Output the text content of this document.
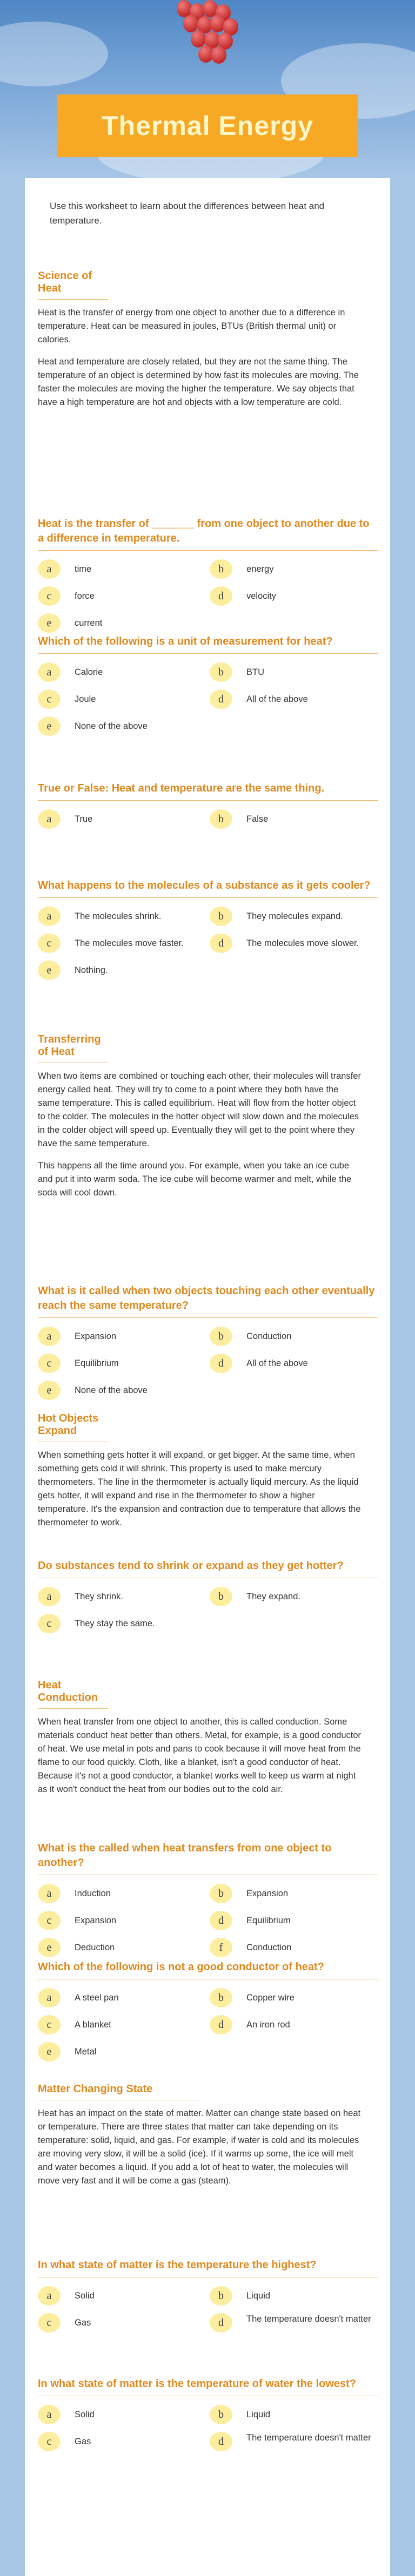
Thermal Energy
Use this worksheet to learn about the differences between heat and temperature.
Science of Heat

Heat is the transfer of energy from one object to another due to a difference in temperature. Heat can be measured in joules, BTUs (British thermal unit) or calories.

Heat and temperature are closely related, but they are not the same thing. The temperature of an object is determined by how fast its molecules are moving. The faster the molecules are moving the higher the temperature. We say objects that have a high temperature are hot and objects with a low temperature are cold.

Heat is the transfer of _______ from one object to another due to a difference in temperature.
a	time	b	energy
c	force	d	velocity
e	current
Which of the following is a unit of measurement for heat?
a	Calorie	b	BTU
c	Joule	d	All of the above
e	None of the above
True or False: Heat and temperature are the same thing.
a	True	b	False
What happens to the molecules of a substance as it gets cooler?
a	The molecules shrink.	b	They molecules expand.
c	The molecules move faster.	d	The molecules move slower.
e	Nothing.
Transferring of Heat

When two items are combined or touching each other, their molecules will transfer energy called heat. They will try to come to a point where they both have the same temperature. This is called equilibrium. Heat will flow from the hotter object to the colder. The molecules in the hotter object will slow down and the molecules in the colder object will speed up. Eventually they will get to the point where they have the same temperature.

This happens all the time around you. For example, when you take an ice cube and put it into warm soda. The ice cube will become warmer and melt, while the soda will cool down.

What is it called when two objects touching each other eventually reach the same temperature?
a	Expansion	b	Conduction
c	Equilibrium	d	All of the above
e	None of the above
Hot Objects Expand

When something gets hotter it will expand, or get bigger. At the same time, when something gets cold it will shrink. This property is used to make mercury thermometers. The line in the thermometer is actually liquid mercury. As the liquid gets hotter, it will expand and rise in the thermometer to show a higher temperature. It's the expansion and contraction due to temperature that allows the thermometer to work.

Do substances tend to shrink or expand as they get hotter?
a	They shrink.	b	They expand.
c	They stay the same.
Heat Conduction

When heat transfer from one object to another, this is called conduction. Some materials conduct heat better than others. Metal, for example, is a good conductor of heat. We use metal in pots and pans to cook because it will move heat from the flame to our food quickly. Cloth, like a blanket, isn't a good conductor of heat. Because it's not a good conductor, a blanket works well to keep us warm at night as it won't conduct the heat from our bodies out to the cold air.

What is the called when heat transfers from one object to another?
a	Induction	b	Expansion
c	Expansion	d	Equilibrium
e	Deduction	f	Conduction
Which of the following is not a good conductor of heat?
a	A steel pan	b	Copper wire
c	A blanket	d	An iron rod
e	Metal
Matter Changing State

Heat has an impact on the state of matter. Matter can change state based on heat or temperature. There are three states that matter can take depending on its temperature: solid, liquid, and gas. For example, if water is cold and its molecules are moving very slow, it will be a solid (ice). If it warms up some, the ice will melt and water becomes a liquid. If you add a lot of heat to water, the molecules will move very fast and it will be come a gas (steam).

In what state of matter is the temperature the highest?
a	Solid	b	Liquid
c	Gas	d	The temperature doesn't matter
In what state of matter is the temperature of water the lowest?
a	Solid	b	Liquid
c	Gas	d	The temperature doesn't matter
